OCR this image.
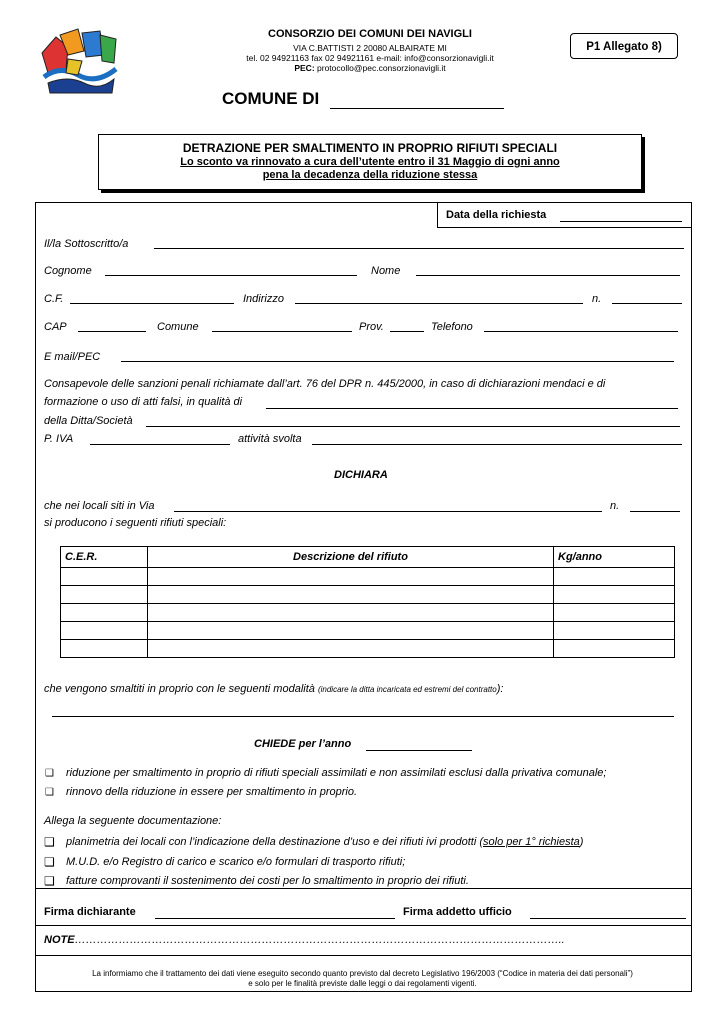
CONSORZIO DEI COMUNI DEI NAVIGLI
VIA C.BATTISTI 2 20080 ALBAIRATE MI
tel. 02 94921163 fax 02 94921161 e-mail: info@consorzionavigli.it
PEC: protocollo@pec.consorzionavigli.it
P1 Allegato 8)
COMUNE DI
DETRAZIONE PER SMALTIMENTO IN PROPRIO RIFIUTI SPECIALI
Lo sconto va rinnovato a cura dell’utente entro il 31 Maggio di ogni anno
pena la decadenza della riduzione stessa
Data della richiesta
Il/la Sottoscritto/a
Cognome	Nome
C.F.	Indirizzo	n.
CAP	Comune	Prov.	Telefono
E mail/PEC
Consapevole delle sanzioni penali richiamate dall’art. 76 del DPR n. 445/2000, in caso di dichiarazioni mendaci e di
formazione o uso di atti falsi, in qualità di
della Ditta/Società
P. IVA	attività svolta
DICHIARA
che nei locali siti in Via	n.
si producono i seguenti rifiuti speciali:
C.E.R.	Descrizione del rifiuto	Kg/anno

che vengono smaltiti in proprio con le seguenti modalità (indicare la ditta incaricata ed estremi del contratto):
CHIEDE per l’anno
❑ riduzione per smaltimento in proprio di rifiuti speciali assimilati e non assimilati esclusi dalla privativa comunale;
❑ rinnovo della riduzione in essere per smaltimento in proprio.
Allega la seguente documentazione:
❑ planimetria dei locali con l’indicazione della destinazione d’uso e dei rifiuti ivi prodotti (solo per 1° richiesta)
❑ M.U.D. e/o Registro di carico e scarico e/o formulari di trasporto rifiuti;
❑ fatture comprovanti il sostenimento dei costi per lo smaltimento in proprio dei rifiuti.
Firma dichiarante	Firma addetto ufficio
NOTE……………………………………………………………………………………………………………………..
La informiamo che il trattamento dei dati viene eseguito secondo quanto previsto dal decreto Legislativo 196/2003 (“Codice in materia dei dati personali”)
e solo per le finalità previste dalle leggi o dai regolamenti vigenti.
